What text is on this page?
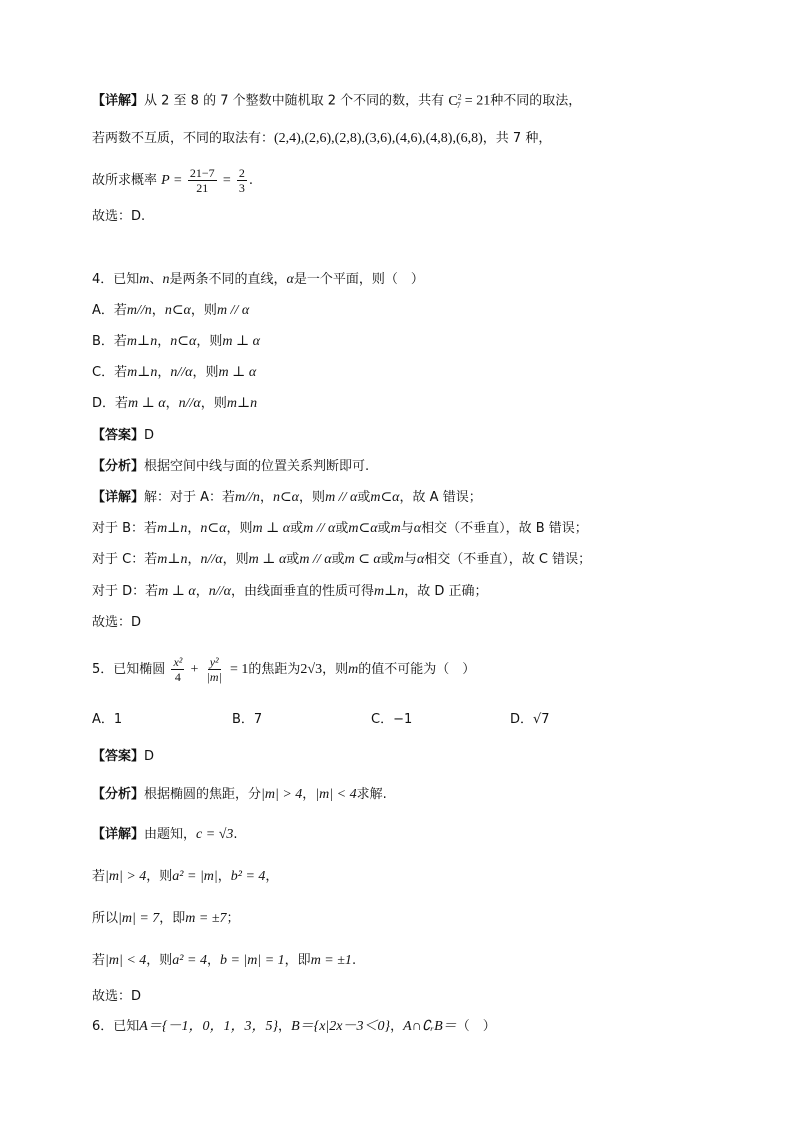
【详解】从 2 至 8 的 7 个整数中随机取 2 个不同的数，共有 $C^2_7 = 21$种不同的取法，
若两数不互质，不同的取法有：(2,4),(2,6),(2,8),(3,6),(4,6),(4,8),(6,8)，共 7 种，
故所求概率 $P = \frac{21-7}{21} = \frac{2}{3}$ .
故选：D.
4．已知m、n是两条不同的直线，α是一个平面，则（　）
A．若m//n，n⊂α，则m // α
B．若m⊥n，n⊂α，则m ⊥ α
C．若m⊥n，n//α，则m ⊥ α
D．若m ⊥ α，n//α，则m⊥n
【答案】D
【分析】根据空间中线与面的位置关系判断即可.
【详解】解：对于 A：若m//n，n⊂α，则m // α或m⊂α，故 A 错误；
对于 B：若m⊥n，n⊂α，则m ⊥ α或m // α或m⊂α或m与α相交（不垂直），故 B 错误；
对于 C：若m⊥n，n//α，则m ⊥ α或m // α或m ⊂ α或m与α相交（不垂直），故 C 错误；
对于 D：若m ⊥ α，n//α，由线面垂直的性质可得m⊥n，故 D 正确；
故选：D
5．已知椭圆 $\frac{\text{x²}}{4} + \frac{\text{y²}}{|m|} = 1$的焦距为2√3，则m的值不可能为（　）
A．1	B．7	C．−1	D．√7
【答案】D
【分析】根据椭圆的焦距，分|m| > 4，|m| < 4求解.
【详解】由题知，c = √3.
若|m| > 4，则a² = |m|，b² = 4，
所以|m| = 7，即m = ±7；
若|m| < 4，则a² = 4，b = |m| = 1，即m = ±1.
故选：D
6．已知A＝{－1，0，1，3，5}，B＝{x|2x－3＜0}，A∩∁ᵣB＝（　）
